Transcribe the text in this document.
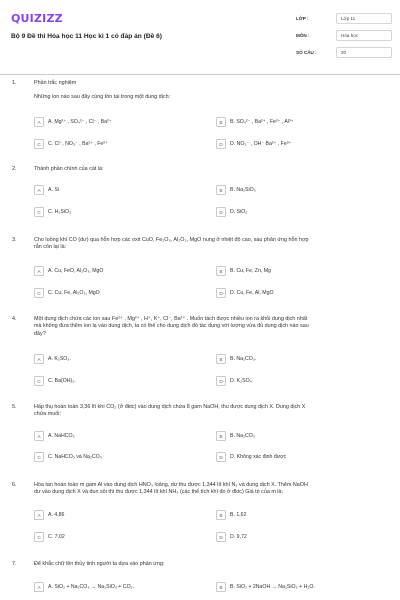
QUIZIZZ
Bộ 9 Đề thi Hóa học 11 Học kì 1 có đáp án (Đề 6)
LỚP :	Lớp 11
MÔN :	Hóa học
SỐ CÂU :	20
1.	Phần trắc nghiệm
Những ion nào sau đây cùng tồn tại trong một dung dịch:
A	A. Mg²⁺ , SO₄²⁻ , Cl⁻ , Ba²⁺	B	B. SO₄²⁻ , Ba²⁺ , Fe²⁺ , Al³⁺
C	C. Cl⁻, NO₃⁻ , Ba²⁺ , Fe²⁺	D	D. NO₃⁻ , OH⁻ Ba²⁺ , Fe³⁺
2.	Thành phần chính của cát là:
A	A. Si	B	B. Na₂SiO₃
C	C. H₂SiO₃	D	D. SiO₂
3.	Cho luồng khí CO (dư) qua hỗn hợp các oxit CuO, Fe₂O₃, Al₂O₃, MgO nung ở nhiệt độ cao, sau phản ứng hỗn hợp
rắn còn lại là:
A	A. Cu, FeO, Al₂O₃, MgO	B	B. Cu, Fe, Zn, Mg
C	C. Cu, Fe, Al₂O₃, MgO	D	D. Cu, Fe, Al, MgO
4.	Một dung dịch chứa các ion sau Fe²⁺ , Mg²⁺ , H⁺, K⁺, Cl⁻, Ba²⁺ . Muốn tách được nhiều ion ra khỏi dung dịch nhất
mà không đưa thêm ion lạ vào dung dịch, ta có thể cho dung dịch đó tác dụng với lượng vừa đủ dung dịch nào sau
đây?
A	A. K₂SO₃.	B	B. Na₂CO₃.
C	C. Ba(OH)₂.	D	D. K₂SO₄
5.	Hấp thụ hoàn toàn 3,36 lít khí CO₂ (ở đktc) vào dung dịch chứa 8 gam NaOH, thu được dung dịch X. Dung dịch X
chứa muối:
A	A. NaHCO₃	B	B. Na₂CO₃
C	C. NaHCO₃ và Na₂CO₃	D	D. Không xác định được
6.	Hòa tan hoàn toàn m gam Al vào dung dịch HNO₃ loãng, dư thu được 1,344 lít khí N₂ và dung dịch X. Thêm NaOH
dư vào dung dịch X và đun sôi thì thu được 1,344 lít khí NH₃ (các thể tích khí đo ở đktc) Giá trị của m là:
A	A. 4,86	B	B. 1,62
C	C. 7,02	D	D. 9,72
7.	Để khắc chữ lên thủy tinh người ta dựa vào phản ứng:
A	A. SiO₂ + Na₂CO₃ → Na₂SiO₃ + CO₂.	B	B. SiO₂ + 2NaOH → Na₂SiO₃ + H₂O.
